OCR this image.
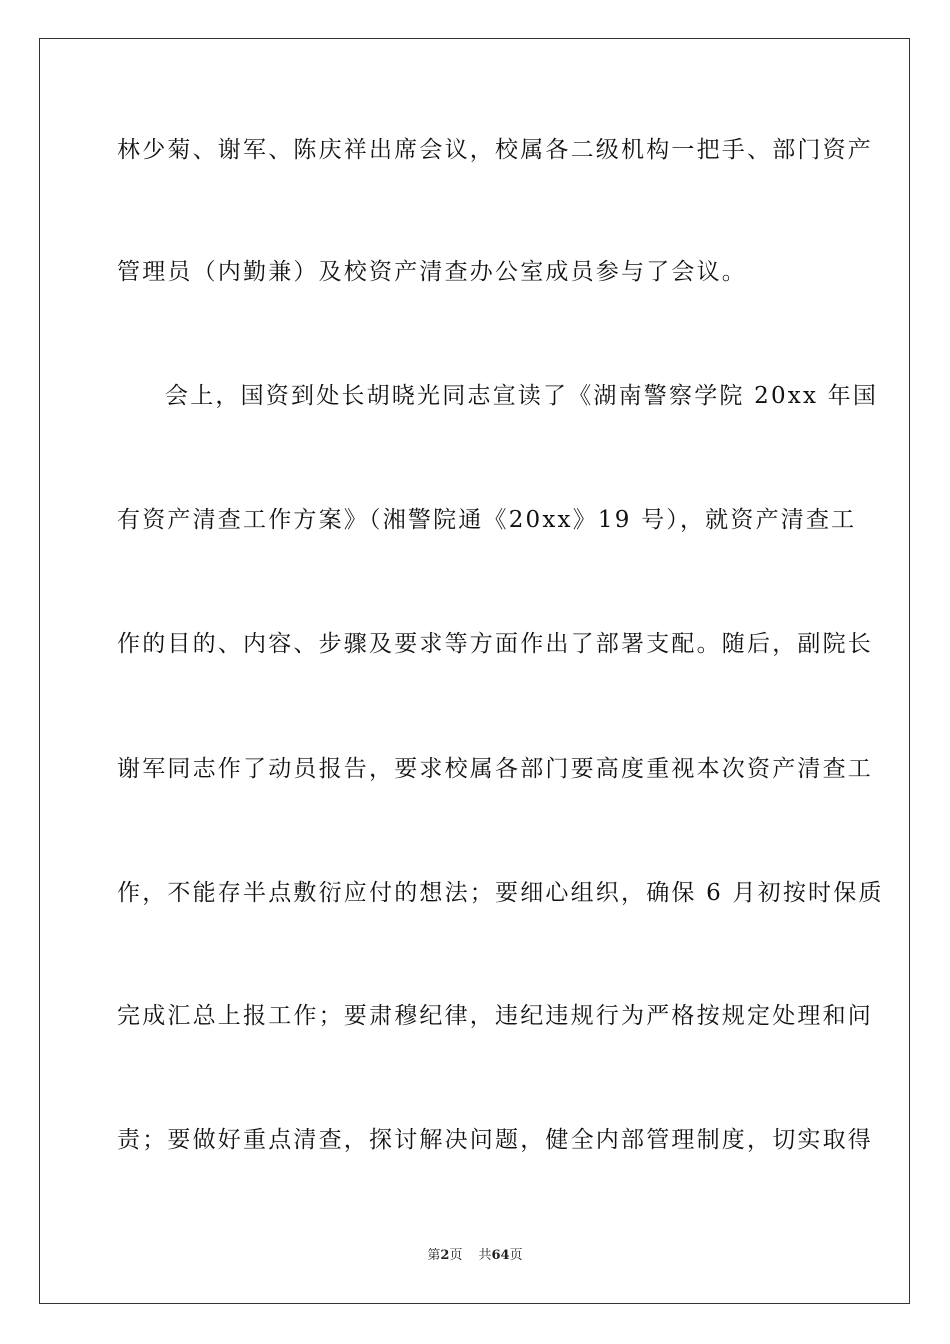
林少菊、谢军、陈庆祥出席会议，校属各二级机构一把手、部门资产
管理员（内勤兼）及校资产清查办公室成员参与了会议。
会上，国资到处长胡晓光同志宣读了《湖南警察学院 20xx 年国
有资产清查工作方案》（湘警院通《20xx》19 号），就资产清查工
作的目的、内容、步骤及要求等方面作出了部署支配。随后，副院长
谢军同志作了动员报告，要求校属各部门要高度重视本次资产清查工
作，不能存半点敷衍应付的想法；要细心组织，确保 6 月初按时保质
完成汇总上报工作；要肃穆纪律，违纪违规行为严格按规定处理和问
责；要做好重点清查，探讨解决问题，健全内部管理制度，切实取得
第2页 共64页
